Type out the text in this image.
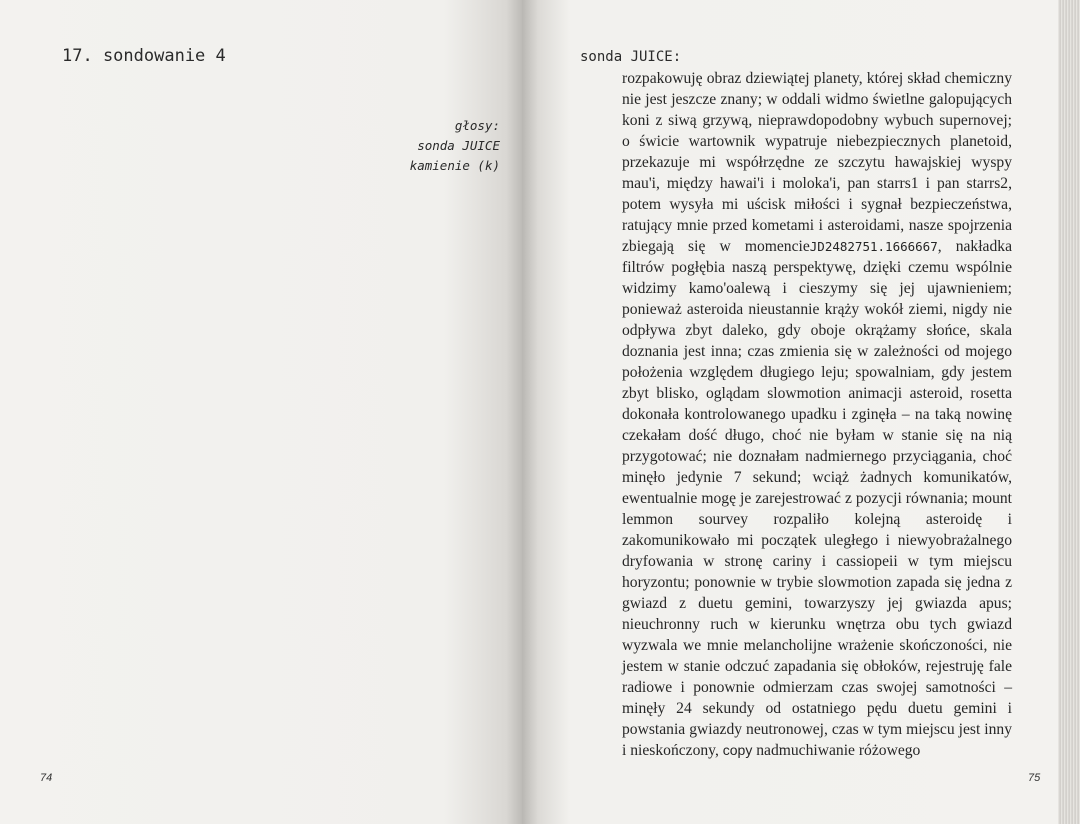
17. sondowanie 4
głosy:
sonda JUICE
kamienie (k)
74
sonda JUICE:

rozpakowuję obraz dziewiątej planety, której skład chemiczny nie jest jeszcze znany; w oddali widmo świetlne galopujących koni z siwą grzywą, nieprawdopodobny wybuch supernovej; o świcie wartownik wypatruje niebezpiecznych planetoid, przekazuje mi współrzędne ze szczytu hawajskiej wyspy mau'i, między hawai'i i moloka'i, pan starrs1 i pan starrs2, potem wysyła mi uścisk miłości i sygnał bezpieczeństwa, ratujący mnie przed kometami i asteroidami, nasze spojrzenia zbiegają się w momencieJD2482751.1666667, nakładka filtrów pogłębia naszą perspektywę, dzięki czemu wspólnie widzimy kamo'oalewą i cieszymy się jej ujawnieniem; ponieważ asteroida nieustannie krąży wokół ziemi, nigdy nie odpływa zbyt daleko, gdy oboje okrążamy słońce, skala doznania jest inna; czas zmienia się w zależności od mojego położenia względem długiego leju; spowalniam, gdy jestem zbyt blisko, oglądam slowmotion animacji asteroid, rosetta dokonała kontrolowanego upadku i zginęła – na taką nowinę czekałam dość długo, choć nie byłam w stanie się na nią przygotować; nie doznałam nadmiernego przyciągania, choć minęło jedynie 7 sekund; wciąż żadnych komunikatów, ewentualnie mogę je zarejestrować z pozycji równania; mount lemmon sourvey rozpaliło kolejną asteroidę i zakomunikowało mi początek uległego i niewyobrażalnego dryfowania w stronę cariny i cassiopeii w tym miejscu horyzontu; ponownie w trybie slowmotion zapada się jedna z gwiazd z duetu gemini, towarzyszy jej gwiazda apus; nieuchronny ruch w kierunku wnętrza obu tych gwiazd wyzwala we mnie melancholijne wrażenie skończoności, nie jestem w stanie odczuć zapadania się obłoków, rejestruję fale radiowe i ponownie odmierzam czas swojej samotności – minęły 24 sekundy od ostatniego pędu duetu gemini i powstania gwiazdy neutronowej, czas w tym miejscu jest inny i nieskończony, copy nadmuchiwanie różowego

75
